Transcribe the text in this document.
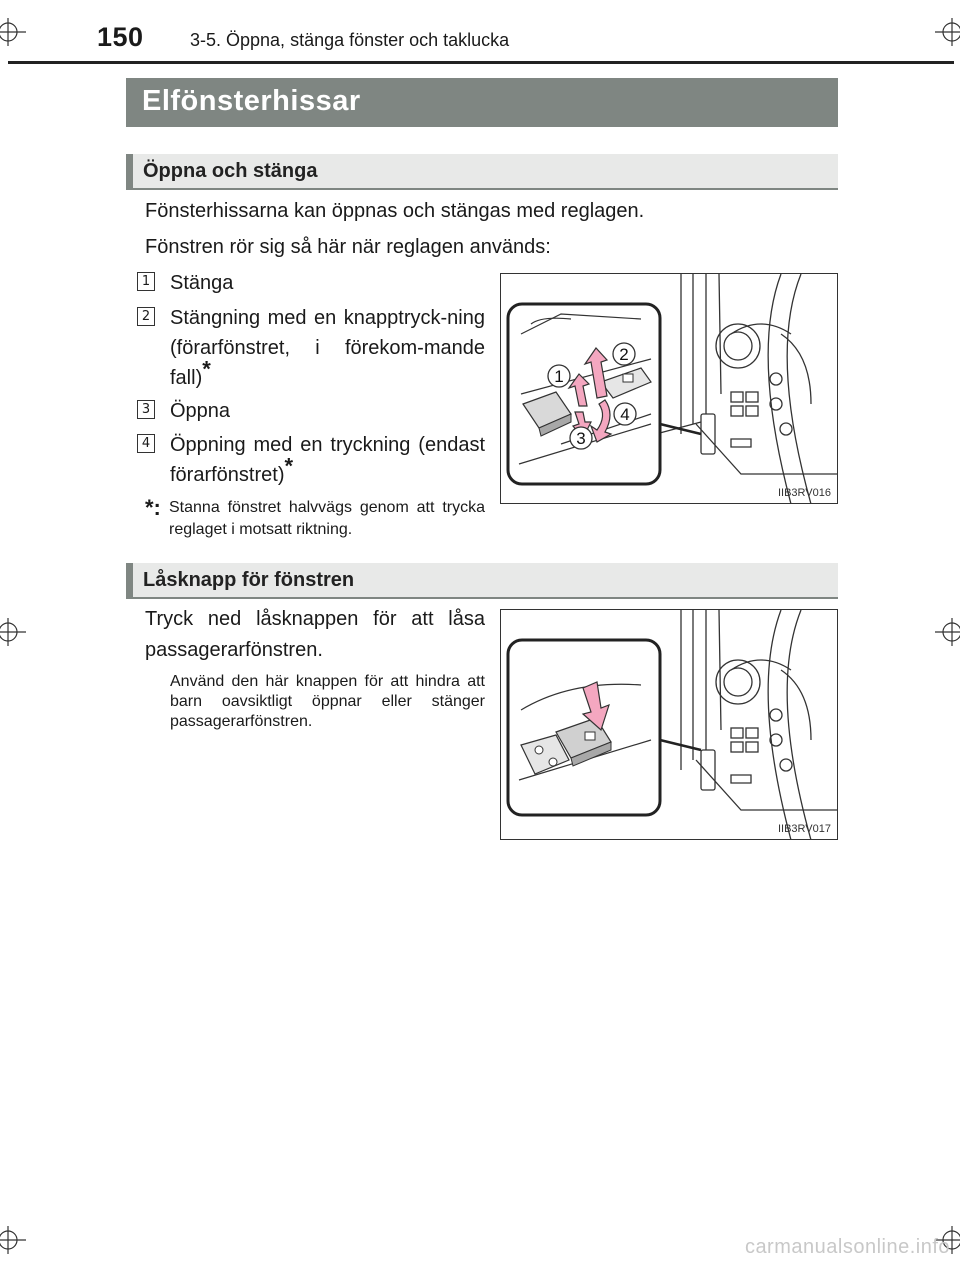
150	3-5. Öppna, stänga fönster och taklucka
Elfönsterhissar
Öppna och stänga
Fönsterhissarna kan öppnas och stängas med reglagen.
Fönstren rör sig så här när reglagen används:
1 Stänga
2 Stängning med en knapptryck-ning (förarfönstret, i förekom-mande fall)*
3 Öppna
4 Öppning med en tryckning (endast förarfönstret)*
*: Stanna fönstret halvvägs genom att trycka reglaget i motsatt riktning.
1
2
3
4
IIB3RV016
Låsknapp för fönstren
Tryck ned låsknappen för att låsa passagerarfönstren.
Använd den här knappen för att hindra att barn oavsiktligt öppnar eller stänger passagerarfönstren.
IIB3RV017
carmanualsonline.info
